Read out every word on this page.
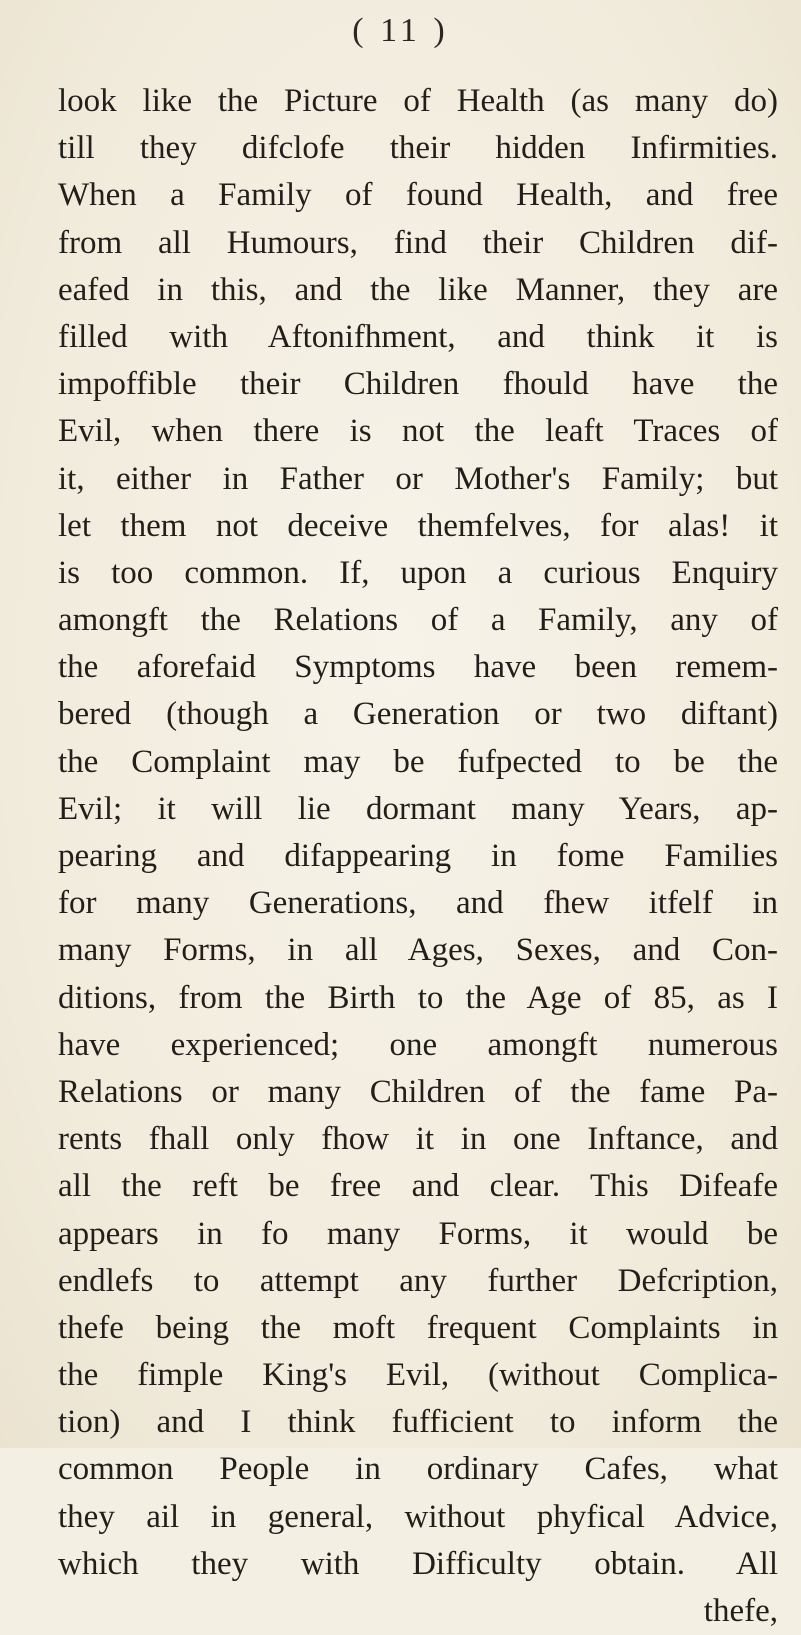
( 11 )
look like the Picture of Health (as many do)
till they difclofe their hidden Infirmities.
When a Family of found Health, and free
from all Humours, find their Children dif-
eafed in this, and the like Manner, they are
filled with Aftonifhment, and think it is
impoffible their Children fhould have the
Evil, when there is not the leaft Traces of
it, either in Father or Mother's Family; but
let them not deceive themfelves, for alas! it
is too common. If, upon a curious Enquiry
amongft the Relations of a Family, any of
the aforefaid Symptoms have been remem-
bered (though a Generation or two diftant)
the Complaint may be fufpected to be the
Evil; it will lie dormant many Years, ap-
pearing and difappearing in fome Families
for many Generations, and fhew itfelf in
many Forms, in all Ages, Sexes, and Con-
ditions, from the Birth to the Age of 85, as I
have experienced; one amongft numerous
Relations or many Children of the fame Pa-
rents fhall only fhow it in one Inftance, and
all the reft be free and clear. This Difeafe
appears in fo many Forms, it would be
endlefs to attempt any further Defcription,
thefe being the moft frequent Complaints in
the fimple King's Evil, (without Complica-
tion) and I think fufficient to inform the
common People in ordinary Cafes, what
they ail in general, without phyfical Advice,
which they with Difficulty obtain. All
thefe,
